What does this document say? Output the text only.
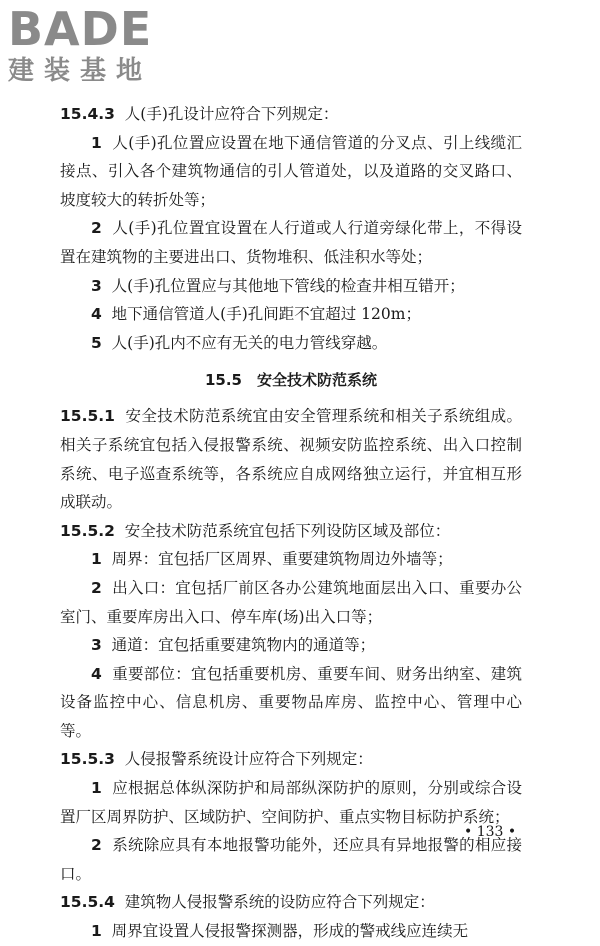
BADE
建装基地

15.4.3 人(手)孔设计应符合下列规定：

1 人(手)孔位置应设置在地下通信管道的分叉点、引上线缆汇接点、引入各个建筑物通信的引人管道处，以及道路的交叉路口、坡度较大的转折处等；

2 人(手)孔位置宜设置在人行道或人行道旁绿化带上，不得设置在建筑物的主要进出口、货物堆积、低洼积水等处；

3 人(手)孔位置应与其他地下管线的检查井相互错开；

4 地下通信管道人(手)孔间距不宜超过 120m；

5 人(手)孔内不应有无关的电力管线穿越。

15.5　安全技术防范系统

15.5.1 安全技术防范系统宜由安全管理系统和相关子系统组成。相关子系统宜包括入侵报警系统、视频安防监控系统、出入口控制系统、电子巡查系统等，各系统应自成网络独立运行，并宜相互形成联动。

15.5.2 安全技术防范系统宜包括下列设防区域及部位：

1 周界：宜包括厂区周界、重要建筑物周边外墙等；

2 出入口：宜包括厂前区各办公建筑地面层出入口、重要办公室门、重要库房出入口、停车库(场)出入口等；

3 通道：宜包括重要建筑物内的通道等；

4 重要部位：宜包括重要机房、重要车间、财务出纳室、建筑设备监控中心、信息机房、重要物品库房、监控中心、管理中心等。

15.5.3 人侵报警系统设计应符合下列规定：

1 应根据总体纵深防护和局部纵深防护的原则，分别或综合设置厂区周界防护、区域防护、空间防护、重点实物目标防护系统；

2 系统除应具有本地报警功能外，还应具有异地报警的相应接口。

15.5.4 建筑物人侵报警系统的设防应符合下列规定：

1 周界宜设置人侵报警探测器，形成的警戒线应连续无

• 133 •
